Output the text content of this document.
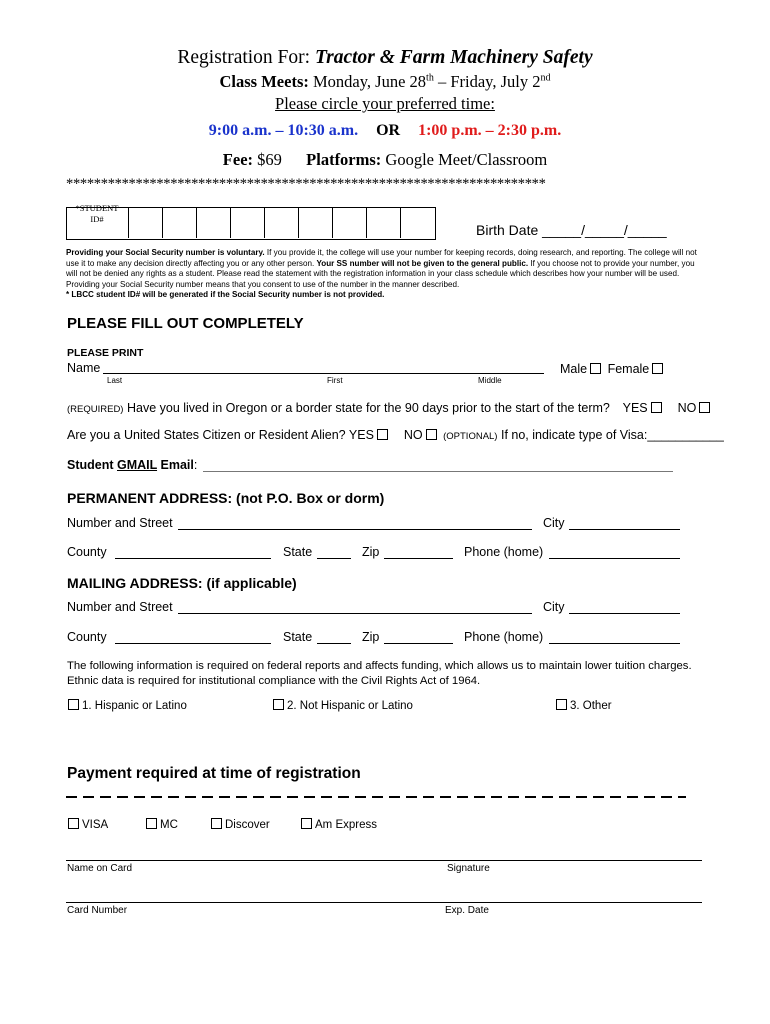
Registration For: Tractor & Farm Machinery Safety
Class Meets: Monday, June 28th – Friday, July 2nd
Please circle your preferred time:
9:00 a.m. – 10:30 a.m. OR 1:00 p.m. – 2:30 p.m.
Fee: $69 Platforms: Google Meet/Classroom
*********************************************************************
*STUDENT
ID#
Birth Date _____/_____/_____
Providing your Social Security number is voluntary. If you provide it, the college will use your number for keeping records, doing research, and reporting. The college will not use it to make any decision directly affecting you or any other person. Your SS number will not be given to the general public. If you choose not to provide your number, you will not be denied any rights as a student. Please read the statement with the registration information in your class schedule which describes how your number will be used. Providing your Social Security number means that you consent to use of the number in the manner described.
* LBCC student ID# will be generated if the Social Security number is not provided.
PLEASE FILL OUT COMPLETELY
PLEASE PRINT
Name
Last	First	Middle
Male Female
(REQUIRED) Have you lived in Oregon or a border state for the 90 days prior to the start of the term? YES NO
Are you a United States Citizen or Resident Alien? YES NO (OPTIONAL) If no, indicate type of Visa:___________
Student GMAIL Email:
PERMANENT ADDRESS: (not P.O. Box or dorm)
Number and Street	City
County	State	Zip	Phone (home)
MAILING ADDRESS: (if applicable)
Number and Street	City
County	State	Zip	Phone (home)
The following information is required on federal reports and affects funding, which allows us to maintain lower tuition charges.
Ethnic data is required for institutional compliance with the Civil Rights Act of 1964.
1. Hispanic or Latino	2. Not Hispanic or Latino	3. Other
Payment required at time of registration
VISA	MC	Discover	Am Express
Name on Card	Signature
Card Number	Exp. Date
